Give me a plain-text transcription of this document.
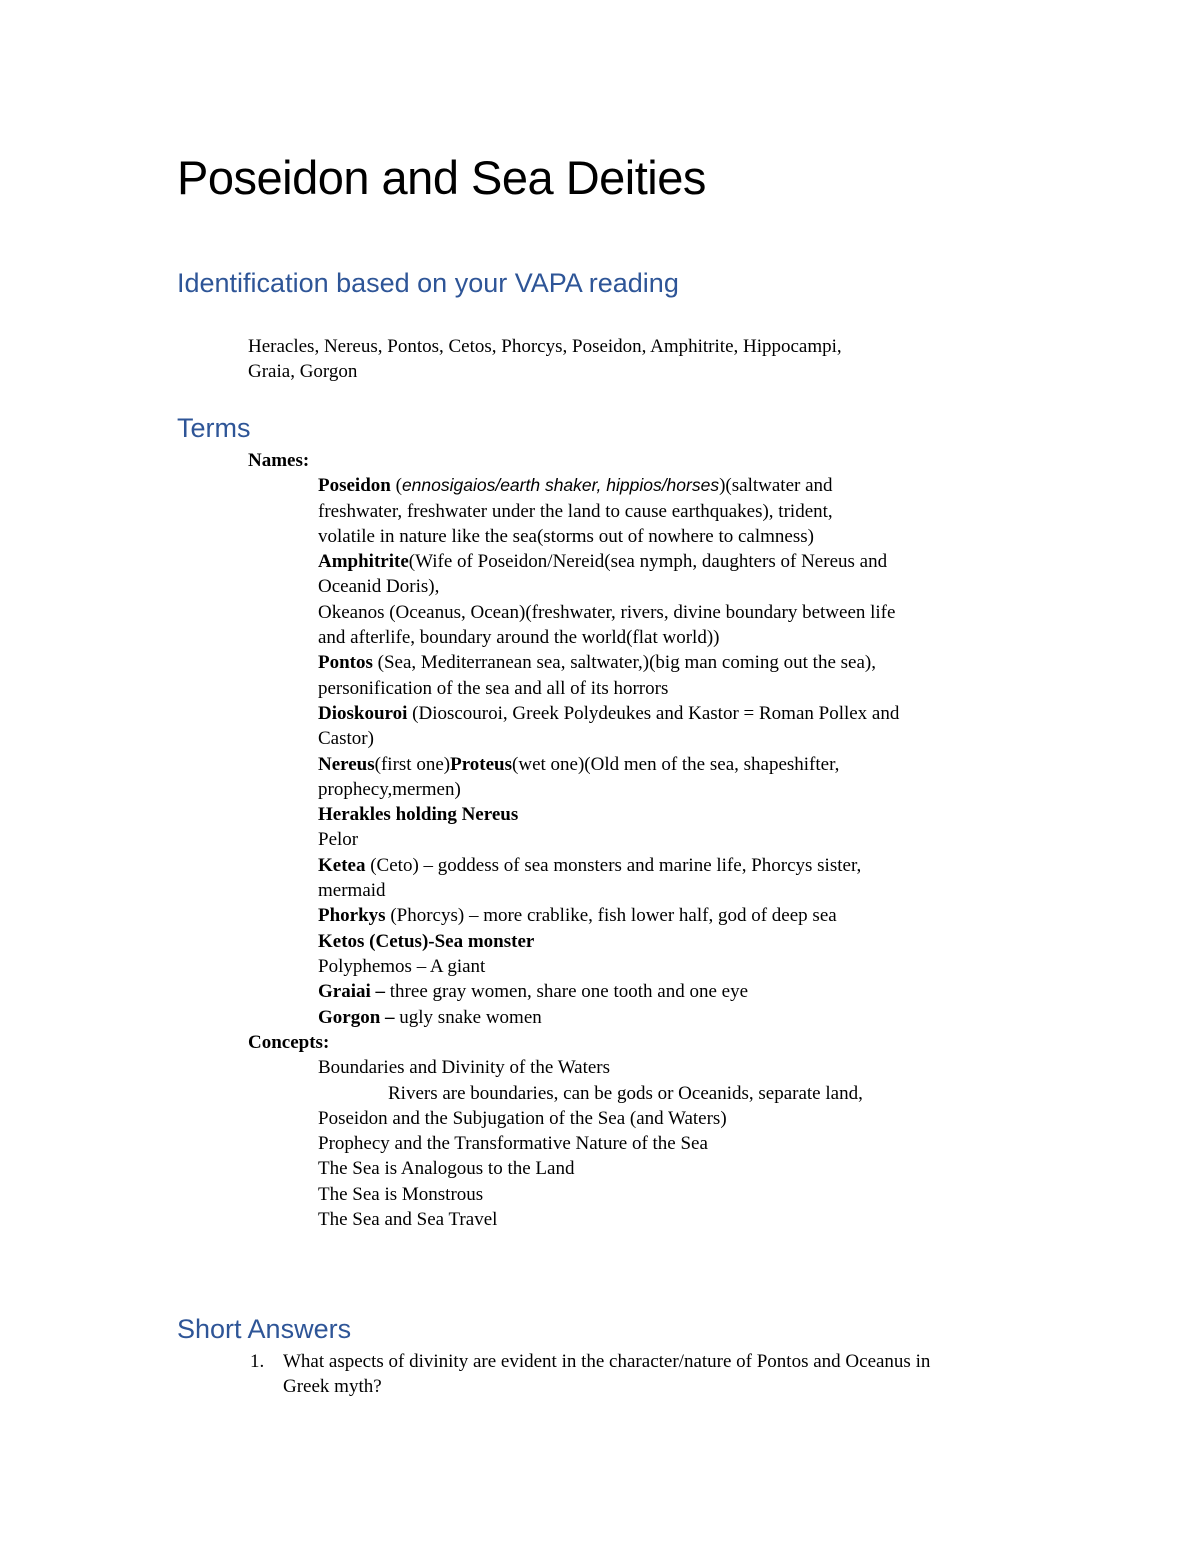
Poseidon and Sea Deities
Identification based on your VAPA reading
Heracles, Nereus, Pontos, Cetos, Phorcys, Poseidon, Amphitrite, Hippocampi,
Graia, Gorgon
Terms
Names:
Poseidon (ennosigaios/earth shaker, hippios/horses)(saltwater and
freshwater, freshwater under the land to cause earthquakes), trident,
volatile in nature like the sea(storms out of nowhere to calmness)
Amphitrite(Wife of Poseidon/Nereid(sea nymph, daughters of Nereus and
Oceanid Doris),
Okeanos (Oceanus, Ocean)(freshwater, rivers, divine boundary between life
and afterlife, boundary around the world(flat world))
Pontos (Sea, Mediterranean sea, saltwater,)(big man coming out the sea),
personification of the sea and all of its horrors
Dioskouroi (Dioscouroi, Greek Polydeukes and Kastor = Roman Pollex and
Castor)
Nereus(first one)Proteus(wet one)(Old men of the sea, shapeshifter,
prophecy,mermen)
Herakles holding Nereus
Pelor
Ketea (Ceto) – goddess of sea monsters and marine life, Phorcys sister,
mermaid
Phorkys (Phorcys) – more crablike, fish lower half, god of deep sea
Ketos (Cetus)-Sea monster
Polyphemos – A giant
Graiai – three gray women, share one tooth and one eye
Gorgon – ugly snake women
Concepts:
Boundaries and Divinity of the Waters
Rivers are boundaries, can be gods or Oceanids, separate land,
Poseidon and the Subjugation of the Sea (and Waters)
Prophecy and the Transformative Nature of the Sea
The Sea is Analogous to the Land
The Sea is Monstrous
The Sea and Sea Travel
Short Answers
1. What aspects of divinity are evident in the character/nature of Pontos and Oceanus in
Greek myth?
